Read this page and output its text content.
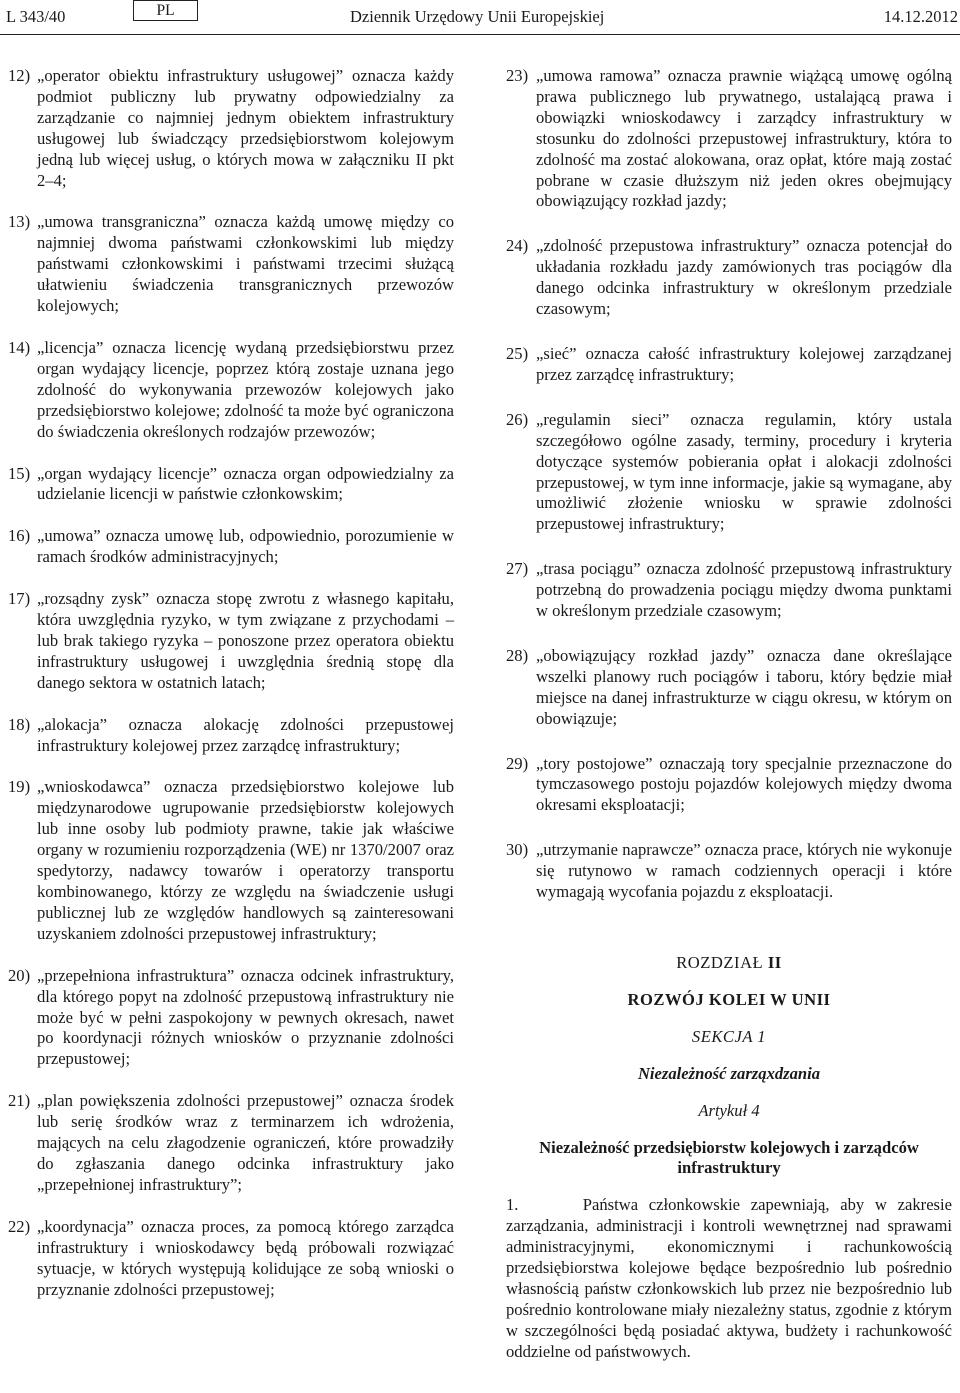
L 343/40	PL	Dziennik Urzędowy Unii Europejskiej	14.12.2012
12) „operator obiektu infrastruktury usługowej” oznacza każdy podmiot publiczny lub prywatny odpowiedzialny za zarządzanie co najmniej jednym obiektem infrastruktury usługowej lub świadczący przedsiębiorstwom kolejowym jedną lub więcej usług, o których mowa w załączniku II pkt 2–4;
13) „umowa transgraniczna” oznacza każdą umowę między co najmniej dwoma państwami członkowskimi lub między państwami członkowskimi i państwami trzecimi służącą ułatwieniu świadczenia transgranicznych przewozów kolejowych;
14) „licencja” oznacza licencję wydaną przedsiębiorstwu przez organ wydający licencje, poprzez którą zostaje uznana jego zdolność do wykonywania przewozów kolejowych jako przedsiębiorstwo kolejowe; zdolność ta może być ograniczona do świadczenia określonych rodzajów przewozów;
15) „organ wydający licencje” oznacza organ odpowiedzialny za udzielanie licencji w państwie członkowskim;
16) „umowa” oznacza umowę lub, odpowiednio, porozumienie w ramach środków administracyjnych;
17) „rozsądny zysk” oznacza stopę zwrotu z własnego kapitału, która uwzględnia ryzyko, w tym związane z przychodami – lub brak takiego ryzyka – ponoszone przez operatora obiektu infrastruktury usługowej i uwzględnia średnią stopę dla danego sektora w ostatnich latach;
18) „alokacja” oznacza alokację zdolności przepustowej infrastruktury kolejowej przez zarządcę infrastruktury;
19) „wnioskodawca” oznacza przedsiębiorstwo kolejowe lub międzynarodowe ugrupowanie przedsiębiorstw kolejowych lub inne osoby lub podmioty prawne, takie jak właściwe organy w rozumieniu rozporządzenia (WE) nr 1370/2007 oraz spedytorzy, nadawcy towarów i operatorzy transportu kombinowanego, którzy ze względu na świadczenie usługi publicznej lub ze względów handlowych są zainteresowani uzyskaniem zdolności przepustowej infrastruktury;
20) „przepełniona infrastruktura” oznacza odcinek infrastruktury, dla którego popyt na zdolność przepustową infrastruktury nie może być w pełni zaspokojony w pewnych okresach, nawet po koordynacji różnych wniosków o przyznanie zdolności przepustowej;
21) „plan powiększenia zdolności przepustowej” oznacza środek lub serię środków wraz z terminarzem ich wdrożenia, mających na celu złagodzenie ograniczeń, które prowadziły do zgłaszania danego odcinka infrastruktury jako „przepełnionej infrastruktury”;
22) „koordynacja” oznacza proces, za pomocą którego zarządca infrastruktury i wnioskodawcy będą próbowali rozwiązać sytuacje, w których występują kolidujące ze sobą wnioski o przyznanie zdolności przepustowej;
23) „umowa ramowa” oznacza prawnie wiążącą umowę ogólną prawa publicznego lub prywatnego, ustalającą prawa i obowiązki wnioskodawcy i zarządcy infrastruktury w stosunku do zdolności przepustowej infrastruktury, która to zdolność ma zostać alokowana, oraz opłat, które mają zostać pobrane w czasie dłuższym niż jeden okres obejmujący obowiązujący rozkład jazdy;
24) „zdolność przepustowa infrastruktury” oznacza potencjał do układania rozkładu jazdy zamówionych tras pociągów dla danego odcinka infrastruktury w określonym przedziale czasowym;
25) „sieć” oznacza całość infrastruktury kolejowej zarządzanej przez zarządcę infrastruktury;
26) „regulamin sieci” oznacza regulamin, który ustala szczegółowo ogólne zasady, terminy, procedury i kryteria dotyczące systemów pobierania opłat i alokacji zdolności przepustowej, w tym inne informacje, jakie są wymagane, aby umożliwić złożenie wniosku w sprawie zdolności przepustowej infrastruktury;
27) „trasa pociągu” oznacza zdolność przepustową infrastruktury potrzebną do prowadzenia pociągu między dwoma punktami w określonym przedziale czasowym;
28) „obowiązujący rozkład jazdy” oznacza dane określające wszelki planowy ruch pociągów i taboru, który będzie miał miejsce na danej infrastrukturze w ciągu okresu, w którym on obowiązuje;
29) „tory postojowe” oznaczają tory specjalnie przeznaczone do tymczasowego postoju pojazdów kolejowych między dwoma okresami eksploatacji;
30) „utrzymanie naprawcze” oznacza prace, których nie wykonuje się rutynowo w ramach codziennych operacji i które wymagają wycofania pojazdu z eksploatacji.
ROZDZIAŁ II
ROZWÓJ KOLEI W UNII
SEKCJA 1
Niezależność zarząxdzania
Artykuł 4
Niezależność przedsiębiorstw kolejowych i zarządców infrastruktury
1.      Państwa członkowskie zapewniają, aby w zakresie zarządzania, administracji i kontroli wewnętrznej nad sprawami administracyjnymi, ekonomicznymi i rachunkowością przedsiębiorstwa kolejowe będące bezpośrednio lub pośrednio własnością państw członkowskich lub przez nie bezpośrednio lub pośrednio kontrolowane miały niezależny status, zgodnie z którym w szczególności będą posiadać aktywa, budżety i rachunkowość oddzielne od państwowych.
